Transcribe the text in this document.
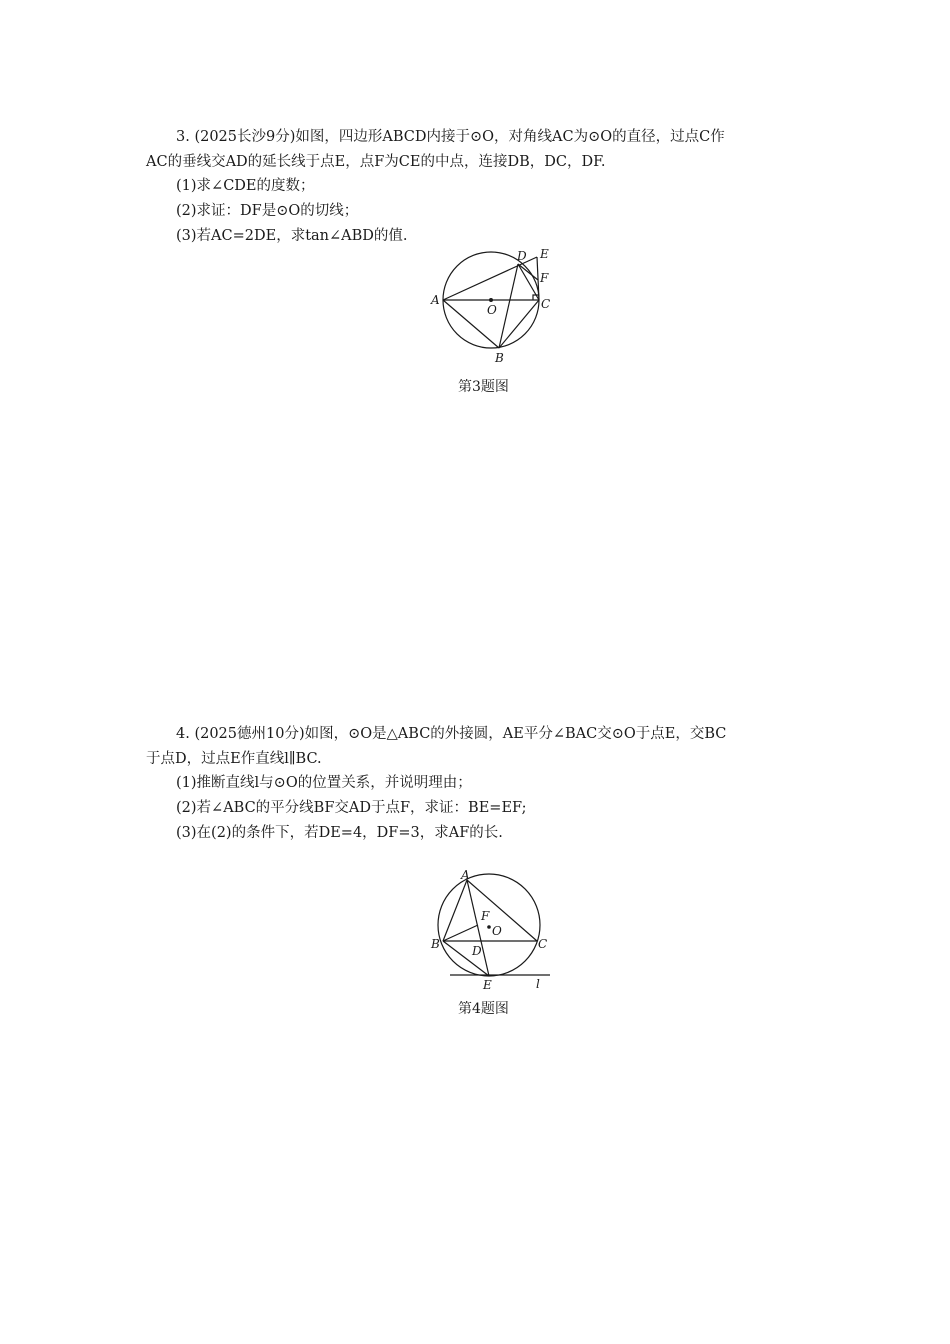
3. (2025长沙9分)如图，四边形ABCD内接于⊙O，对角线AC为⊙O的直径，过点C作
AC的垂线交AD的延长线于点E，点F为CE的中点，连接DB，DC，DF.
(1)求∠CDE的度数；
(2)求证：DF是⊙O的切线；
(3)若AC=2DE，求tan∠ABD的值.
A
B
C
D E
F
O
第3题图
4. (2025德州10分)如图，⊙O是△ABC的外接圆，AE平分∠BAC交⊙O于点E，交BC
于点D，过点E作直线l∥BC.
(1)推断直线l与⊙O的位置关系，并说明理由；
(2)若∠ABC的平分线BF交AD于点F，求证：BE=EF;
(3)在(2)的条件下，若DE=4，DF=3，求AF的长.
A
B	C
D
E
F
O
l
第4题图
